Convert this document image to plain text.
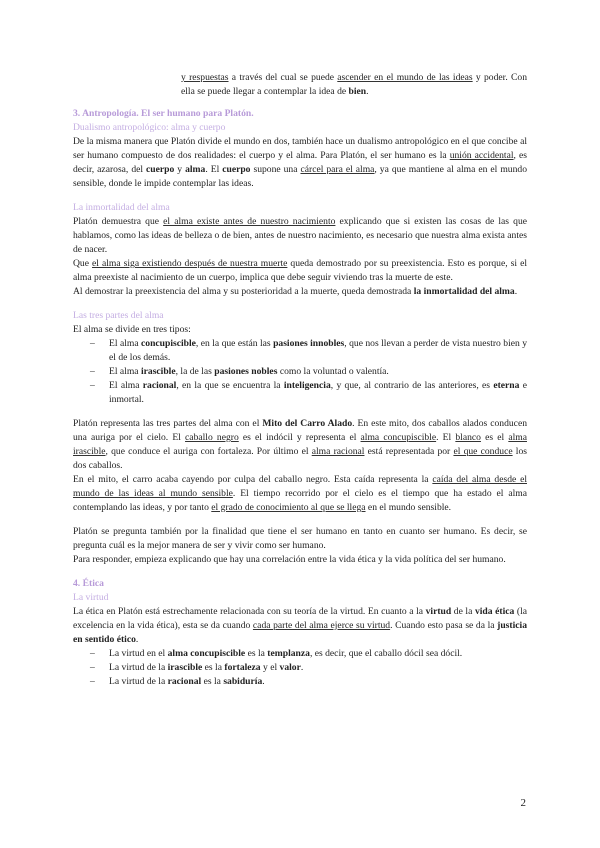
y respuestas a través del cual se puede ascender en el mundo de las ideas y poder. Con ella se puede llegar a contemplar la idea de bien.

3. Antropología. El ser humano para Platón.
Dualismo antropológico: alma y cuerpo

De la misma manera que Platón divide el mundo en dos, también hace un dualismo antropológico en el que concibe al ser humano compuesto de dos realidades: el cuerpo y el alma. Para Platón, el ser humano es la unión accidental, es decir, azarosa, del cuerpo y alma. El cuerpo supone una cárcel para el alma, ya que mantiene al alma en el mundo sensible, donde le impide contemplar las ideas.

La inmortalidad del alma

Platón demuestra que el alma existe antes de nuestro nacimiento explicando que si existen las cosas de las que hablamos, como las ideas de belleza o de bien, antes de nuestro nacimiento, es necesario que nuestra alma exista antes de nacer.

Que el alma siga existiendo después de nuestra muerte queda demostrado por su preexistencia. Esto es porque, si el alma preexiste al nacimiento de un cuerpo, implica que debe seguir viviendo tras la muerte de este.

Al demostrar la preexistencia del alma y su posterioridad a la muerte, queda demostrada la inmortalidad del alma.

Las tres partes del alma

El alma se divide en tres tipos:

– El alma concupiscible, en la que están las pasiones innobles, que nos llevan a perder de vista nuestro bien y el de los demás.
– El alma irascible, la de las pasiones nobles como la voluntad o valentía.
– El alma racional, en la que se encuentra la inteligencia, y que, al contrario de las anteriores, es eterna e inmortal.

Platón representa las tres partes del alma con el Mito del Carro Alado. En este mito, dos caballos alados conducen una auriga por el cielo. El caballo negro es el indócil y representa el alma concupiscible. El blanco es el alma irascible, que conduce el auriga con fortaleza. Por último el alma racional está representada por el que conduce los dos caballos.

En el mito, el carro acaba cayendo por culpa del caballo negro. Esta caída representa la caída del alma desde el mundo de las ideas al mundo sensible. El tiempo recorrido por el cielo es el tiempo que ha estado el alma contemplando las ideas, y por tanto el grado de conocimiento al que se llega en el mundo sensible.

Platón se pregunta también por la finalidad que tiene el ser humano en tanto en cuanto ser humano. Es decir, se pregunta cuál es la mejor manera de ser y vivir como ser humano.

Para responder, empieza explicando que hay una correlación entre la vida ética y la vida política del ser humano.

4. Ética
La virtud

La ética en Platón está estrechamente relacionada con su teoría de la virtud. En cuanto a la virtud de la vida ética (la excelencia en la vida ética), esta se da cuando cada parte del alma ejerce su virtud. Cuando esto pasa se da la justicia en sentido ético.

– La virtud en el alma concupiscible es la templanza, es decir, que el caballo dócil sea dócil.
– La virtud de la irascible es la fortaleza y el valor.
– La virtud de la racional es la sabiduría.
2
